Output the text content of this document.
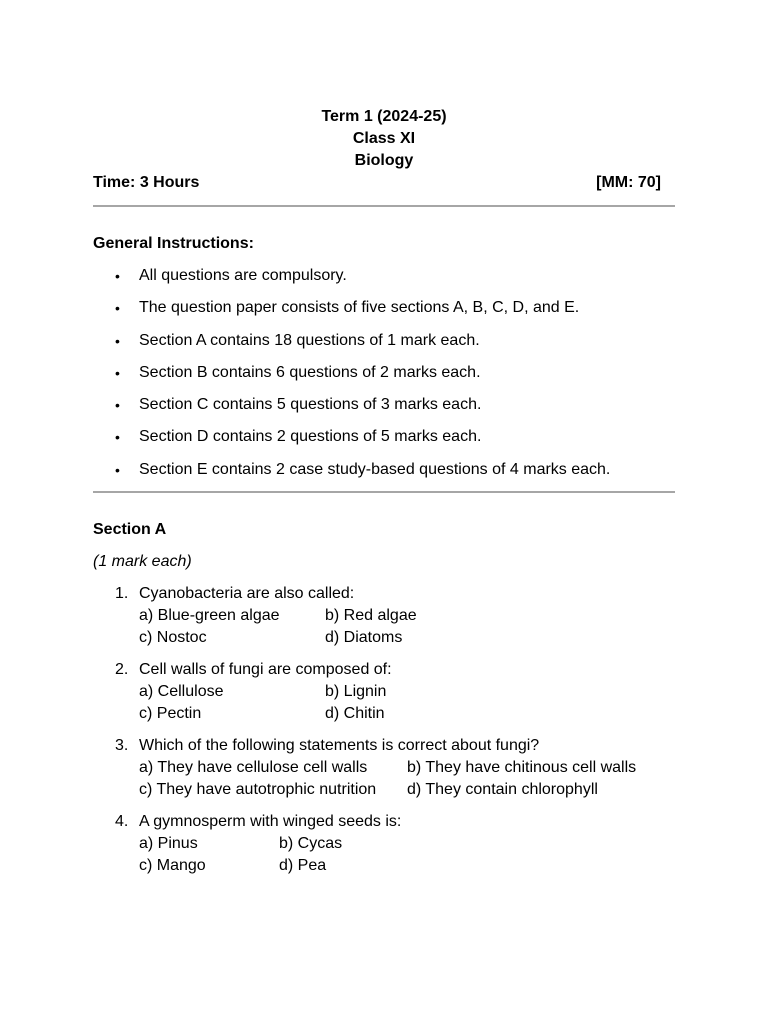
Term 1 (2024-25)
Class XI
Biology
Time: 3 Hours	[MM: 70]
General Instructions:
• All questions are compulsory.
• The question paper consists of five sections A, B, C, D, and E.
• Section A contains 18 questions of 1 mark each.
• Section B contains 6 questions of 2 marks each.
• Section C contains 5 questions of 3 marks each.
• Section D contains 2 questions of 5 marks each.
• Section E contains 2 case study-based questions of 4 marks each.
Section A
(1 mark each)
1. Cyanobacteria are also called:
a) Blue-green algae	b) Red algae
c) Nostoc	d) Diatoms
2. Cell walls of fungi are composed of:
a) Cellulose	b) Lignin
c) Pectin	d) Chitin
3. Which of the following statements is correct about fungi?
a) They have cellulose cell walls	b) They have chitinous cell walls
c) They have autotrophic nutrition	d) They contain chlorophyll
4. A gymnosperm with winged seeds is:
a) Pinus	b) Cycas
c) Mango	d) Pea
